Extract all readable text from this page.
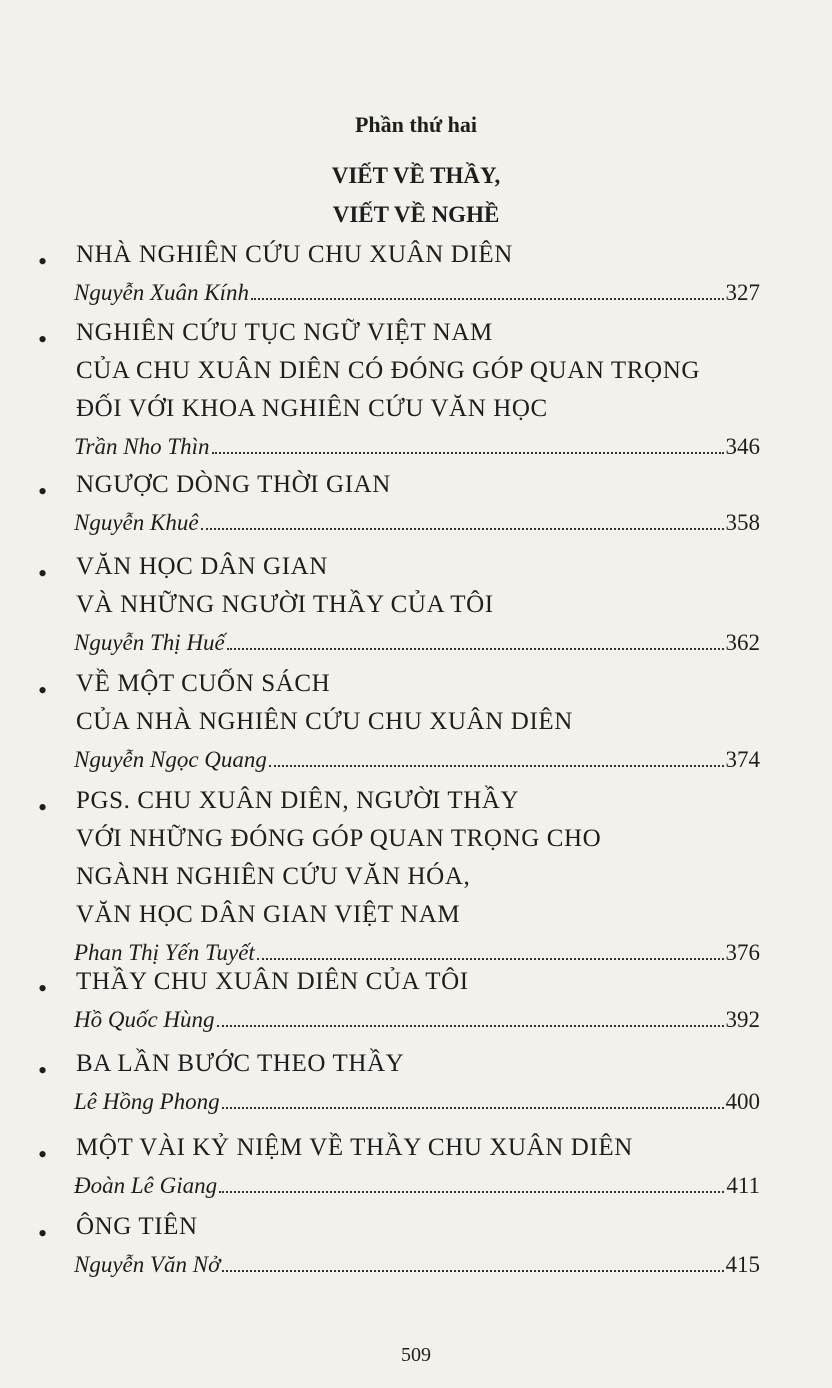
Phần thứ hai
VIẾT VỀ THẦY,
VIẾT VỀ NGHỀ
• NHÀ NGHIÊN CỨU CHU XUÂN DIÊN
Nguyễn Xuân Kính	327
• NGHIÊN CỨU TỤC NGỮ VIỆT NAM
CỦA CHU XUÂN DIÊN CÓ ĐÓNG GÓP QUAN TRỌNG
ĐỐI VỚI KHOA NGHIÊN CỨU VĂN HỌC
Trần Nho Thìn	346
• NGƯỢC DÒNG THỜI GIAN
Nguyễn Khuê	358
• VĂN HỌC DÂN GIAN
VÀ NHỮNG NGƯỜI THẦY CỦA TÔI
Nguyễn Thị Huế	362
• VỀ MỘT CUỐN SÁCH
CỦA NHÀ NGHIÊN CỨU CHU XUÂN DIÊN
Nguyễn Ngọc Quang	374
• PGS. CHU XUÂN DIÊN, NGƯỜI THẦY
VỚI NHỮNG ĐÓNG GÓP QUAN TRỌNG CHO
NGÀNH NGHIÊN CỨU VĂN HÓA,
VĂN HỌC DÂN GIAN VIỆT NAM
Phan Thị Yến Tuyết	376
• THẦY CHU XUÂN DIÊN CỦA TÔI
Hồ Quốc Hùng	392
• BA LẦN BƯỚC THEO THẦY
Lê Hồng Phong	400
• MỘT VÀI KỶ NIỆM VỀ THẦY CHU XUÂN DIÊN
Đoàn Lê Giang	411
• ÔNG TIÊN
Nguyễn Văn Nở	415
509
